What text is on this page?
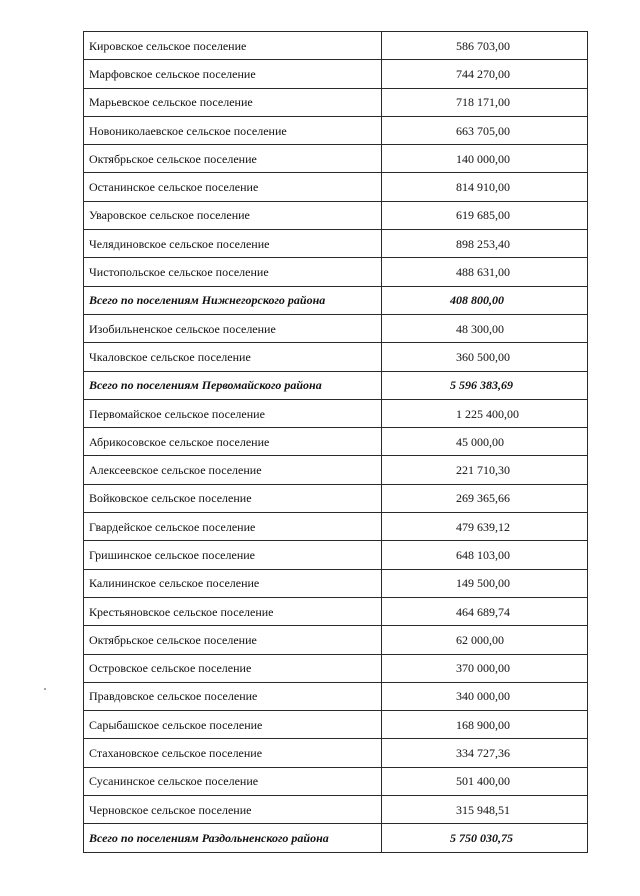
Кировское сельское поселение	586 703,00
Марфовское сельское поселение	744 270,00
Марьевское сельское поселение	718 171,00
Новониколаевское сельское поселение	663 705,00
Октябрьское сельское поселение	140 000,00
Останинское сельское поселение	814 910,00
Уваровское сельское поселение	619 685,00
Челядиновское сельское поселение	898 253,40
Чистопольское сельское поселение	488 631,00
Всего по поселениям Нижнегорского района	408 800,00
Изобильненское сельское поселение	48 300,00
Чкаловское сельское поселение	360 500,00
Всего по поселениям Первомайского района	5 596 383,69
Первомайское сельское поселение	1 225 400,00
Абрикосовское сельское поселение	45 000,00
Алексеевское сельское поселение	221 710,30
Войковское сельское поселение	269 365,66
Гвардейское сельское поселение	479 639,12
Гришинское сельское поселение	648 103,00
Калининское сельское поселение	149 500,00
Крестьяновское сельское поселение	464 689,74
Октябрьское сельское поселение	62 000,00
Островское сельское поселение	370 000,00
Правдовское сельское поселение	340 000,00
Сарыбашское сельское поселение	168 900,00
Стахановское сельское поселение	334 727,36
Сусанинское сельское поселение	501 400,00
Черновское сельское поселение	315 948,51
Всего по поселениям Раздольненского района	5 750 030,75
